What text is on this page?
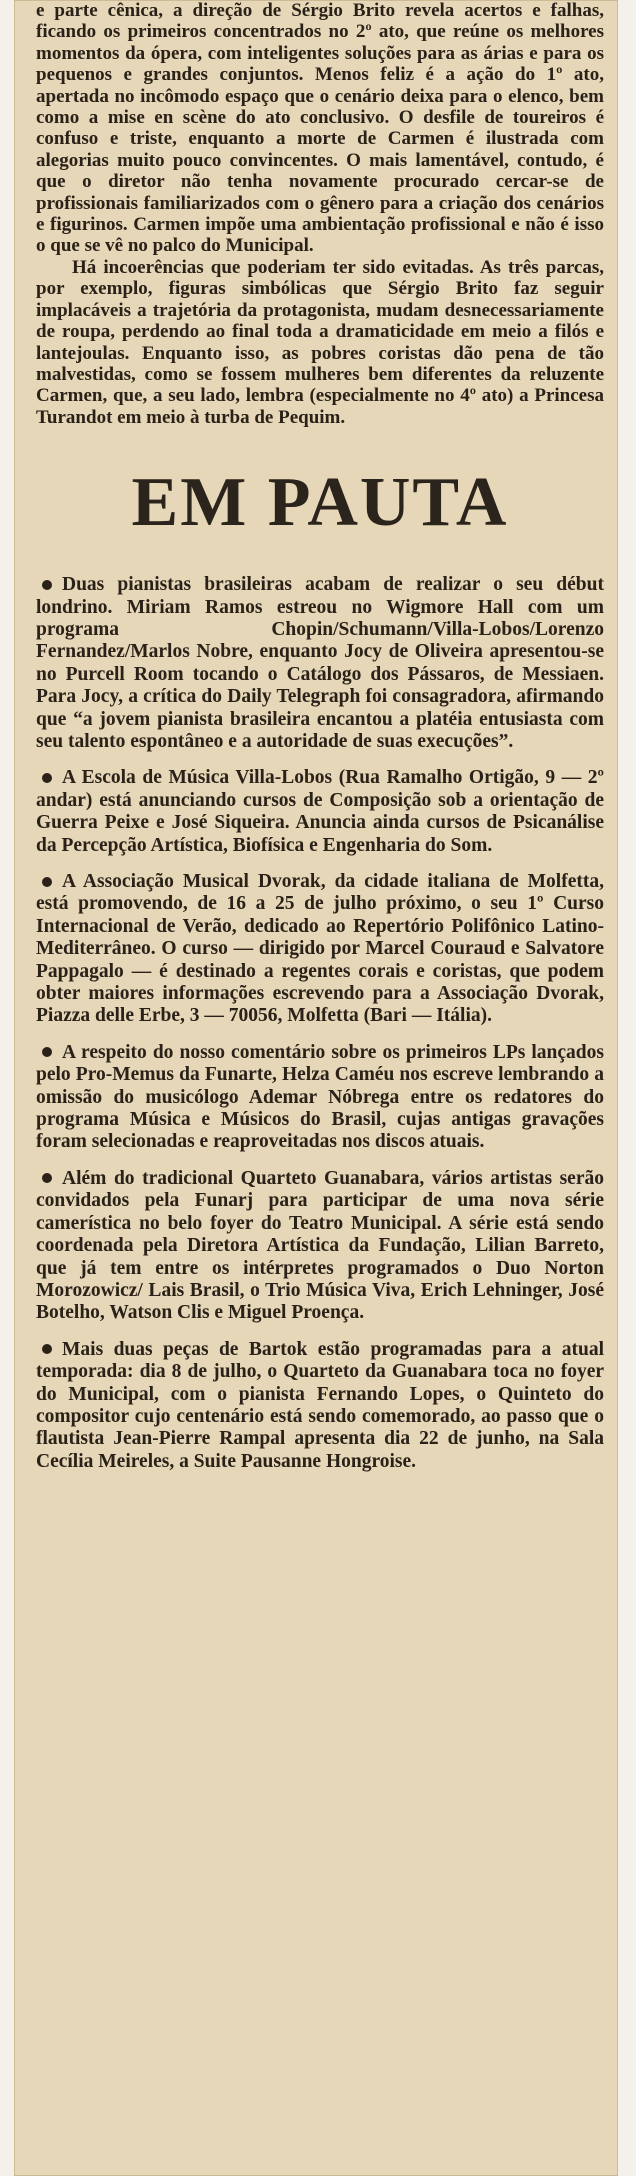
e parte cênica, a direção de Sérgio Brito revela acertos e falhas, ficando os primeiros concentrados no 2º ato, que reúne os melhores momentos da ópera, com inteligentes soluções para as árias e para os pequenos e grandes conjuntos. Menos feliz é a ação do 1º ato, apertada no incômodo espaço que o cenário deixa para o elenco, bem como a mise en scène do ato conclusivo. O desfile de toureiros é confuso e triste, enquanto a morte de Carmen é ilustrada com alegorias muito pouco convincentes. O mais lamentável, contudo, é que o diretor não tenha novamente procurado cercar-se de profissionais familiarizados com o gênero para a criação dos cenários e figurinos. Carmen impõe uma ambientação profissional e não é isso o que se vê no palco do Municipal.

Há incoerências que poderiam ter sido evitadas. As três parcas, por exemplo, figuras simbólicas que Sérgio Brito faz seguir implacáveis a trajetória da protagonista, mudam desnecessariamente de roupa, perdendo ao final toda a dramaticidade em meio a filós e lantejoulas. Enquanto isso, as pobres coristas dão pena de tão malvestidas, como se fossem mulheres bem diferentes da reluzente Carmen, que, a seu lado, lembra (especialmente no 4º ato) a Princesa Turandot em meio à turba de Pequim.

EM PAUTA
Duas pianistas brasileiras acabam de realizar o seu début londrino. Miriam Ramos estreou no Wigmore Hall com um programa Chopin/Schumann/Villa-Lobos/Lorenzo Fernandez/Marlos Nobre, enquanto Jocy de Oliveira apresentou-se no Purcell Room tocando o Catálogo dos Pássaros, de Messiaen. Para Jocy, a crítica do Daily Telegraph foi consagradora, afirmando que “a jovem pianista brasileira encantou a platéia entusiasta com seu talento espontâneo e a autoridade de suas execuções”.
A Escola de Música Villa-Lobos (Rua Ramalho Ortigão, 9 — 2º andar) está anunciando cursos de Composição sob a orientação de Guerra Peixe e José Siqueira. Anuncia ainda cursos de Psicanálise da Percepção Artística, Biofísica e Engenharia do Som.
A Associação Musical Dvorak, da cidade italiana de Molfetta, está promovendo, de 16 a 25 de julho próximo, o seu 1º Curso Internacional de Verão, dedicado ao Repertório Polifônico Latino-Mediterrâneo. O curso — dirigido por Marcel Couraud e Salvatore Pappagalo — é destinado a regentes corais e coristas, que podem obter maiores informações escrevendo para a Associação Dvorak, Piazza delle Erbe, 3 — 70056, Molfetta (Bari — Itália).
A respeito do nosso comentário sobre os primeiros LPs lançados pelo Pro-Memus da Funarte, Helza Caméu nos escreve lembrando a omissão do musicólogo Ademar Nóbrega entre os redatores do programa Música e Músicos do Brasil, cujas antigas gravações foram selecionadas e reaproveitadas nos discos atuais.
Além do tradicional Quarteto Guanabara, vários artistas serão convidados pela Funarj para participar de uma nova série camerística no belo foyer do Teatro Municipal. A série está sendo coordenada pela Diretora Artística da Fundação, Lilian Barreto, que já tem entre os intérpretes programados o Duo Norton Morozowicz/ Lais Brasil, o Trio Música Viva, Erich Lehninger, José Botelho, Watson Clis e Miguel Proença.
Mais duas peças de Bartok estão programadas para a atual temporada: dia 8 de julho, o Quarteto da Guanabara toca no foyer do Municipal, com o pianista Fernando Lopes, o Quinteto do compositor cujo centenário está sendo comemorado, ao passo que o flautista Jean-Pierre Rampal apresenta dia 22 de junho, na Sala Cecília Meireles, a Suite Pausanne Hongroise.
